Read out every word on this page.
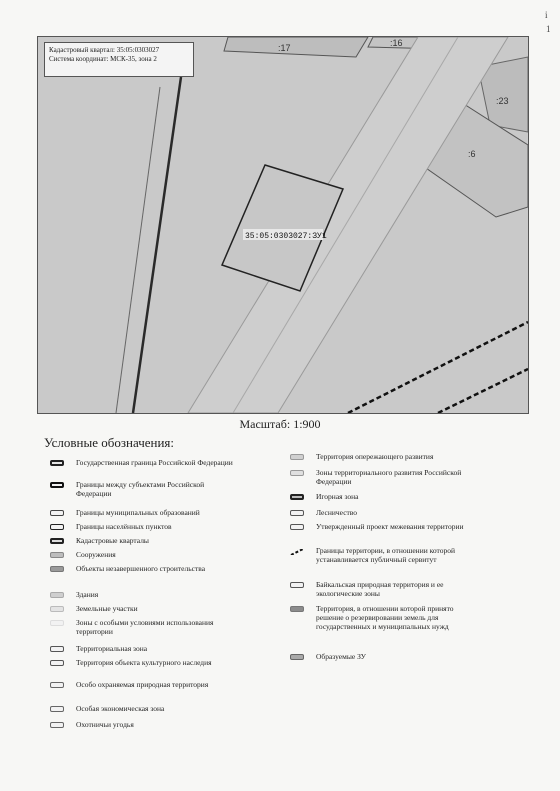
:17	:16
:23
:6
35:05:0303027:ЗУ1
Кадастровый квартал: 35:05:0303027
Система координат: МСК-35, зона 2
Масштаб: 1:900
Условные обозначения:
Государственная граница Российской Федерации
Границы между субъектами Российской Федерации
Границы муниципальных образований
Границы населённых пунктов
Кадастровые кварталы
Сооружения
Объекты незавершенного строительства
Здания
Земельные участки
Зоны с особыми условиями использования территории
Территориальная зона
Территория объекта культурного наследия
Особо охраняемая природная территория
Особая экономическая зона
Охотничьи угодья
Территория опережающего развития
Зоны территориального развития Российской Федерации
Игорная зона
Лесничество
Утвержденный проект межевания территории
Границы территории, в отношении которой устанавливается публичный сервитут
Байкальская природная территория и ее экологические зоны
Территория, в отношении которой принято решение о резервировании земель для государственных и муниципальных нужд
Образуемые ЗУ
i
1
